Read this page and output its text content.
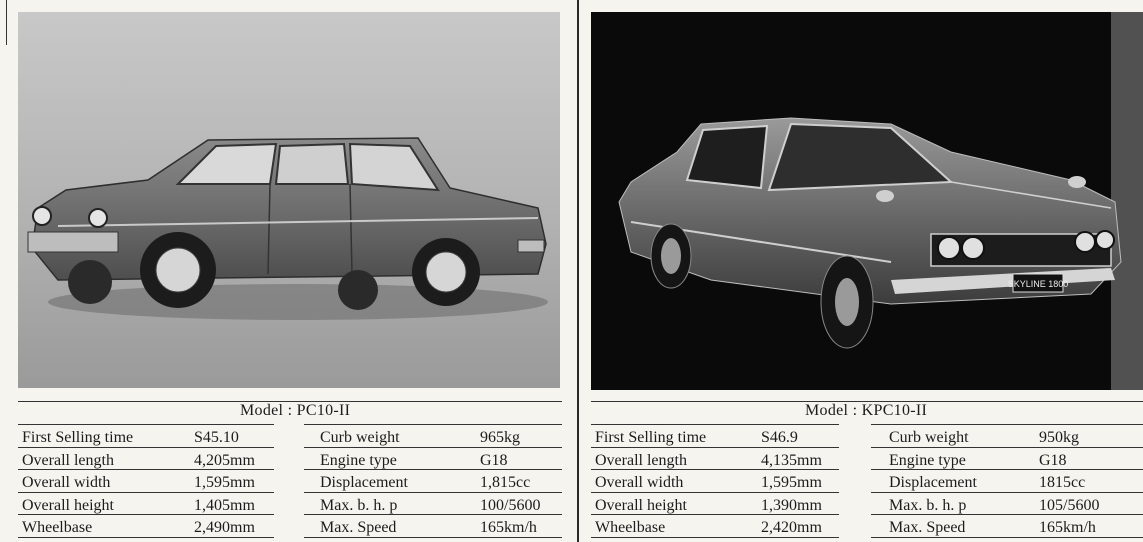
Model : PC10-II
First Selling time	S45.10
Overall length	4,205mm
Overall width	1,595mm
Overall height	1,405mm
Wheelbase	2,490mm
Curb weight	965kg
Engine type	G18
Displacement	1,815cc
Max. b. h. p	100/5600
Max. Speed	165km/h
SKYLINE 1800
Model : KPC10-II
First Selling time	S46.9
Overall length	4,135mm
Overall width	1,595mm
Overall height	1,390mm
Wheelbase	2,420mm
Curb weight	950kg
Engine type	G18
Displacement	1815cc
Max. b. h. p	105/5600
Max. Speed	165km/h
